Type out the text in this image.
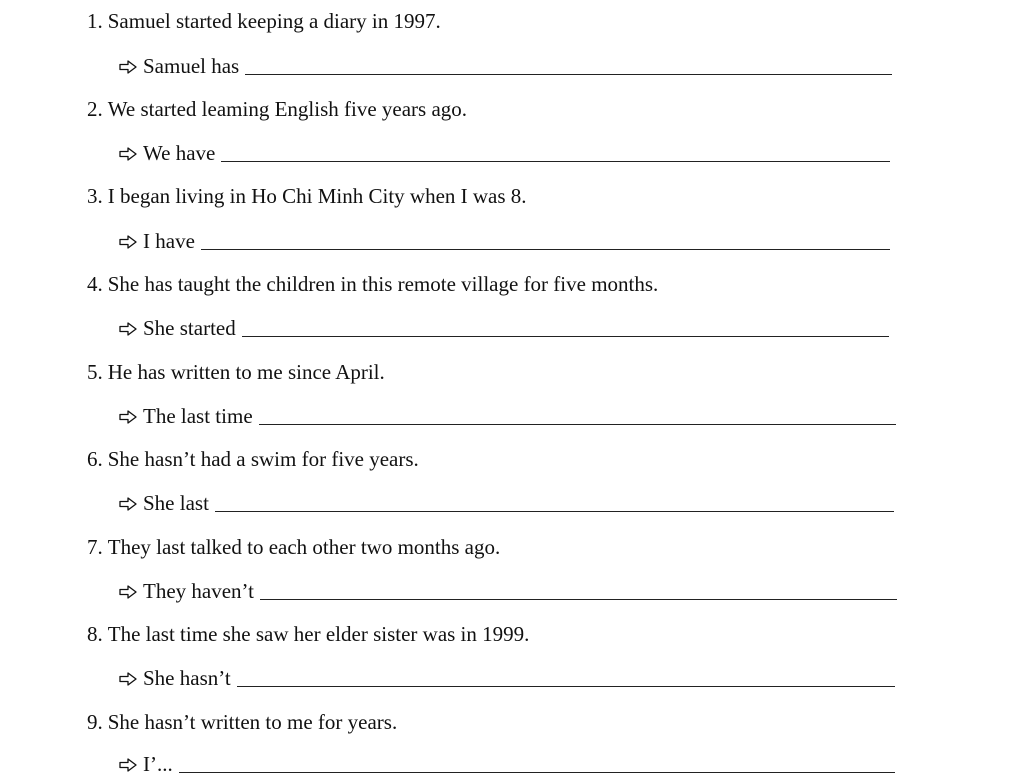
1. Samuel started keeping a diary in 1997.
Samuel has
2. We started leaming English five years ago.
We have
3. I began living in Ho Chi Minh City when I was 8.
I have
4. She has taught the children in this remote village for five months.
She started
5. He has written to me since April.
The last time
6. She hasn’t had a swim for five years.
She last
7. They last talked to each other two months ago.
They haven’t
8. The last time she saw her elder sister was in 1999.
She hasn’t
9. She hasn’t written to me for years.
I’...
